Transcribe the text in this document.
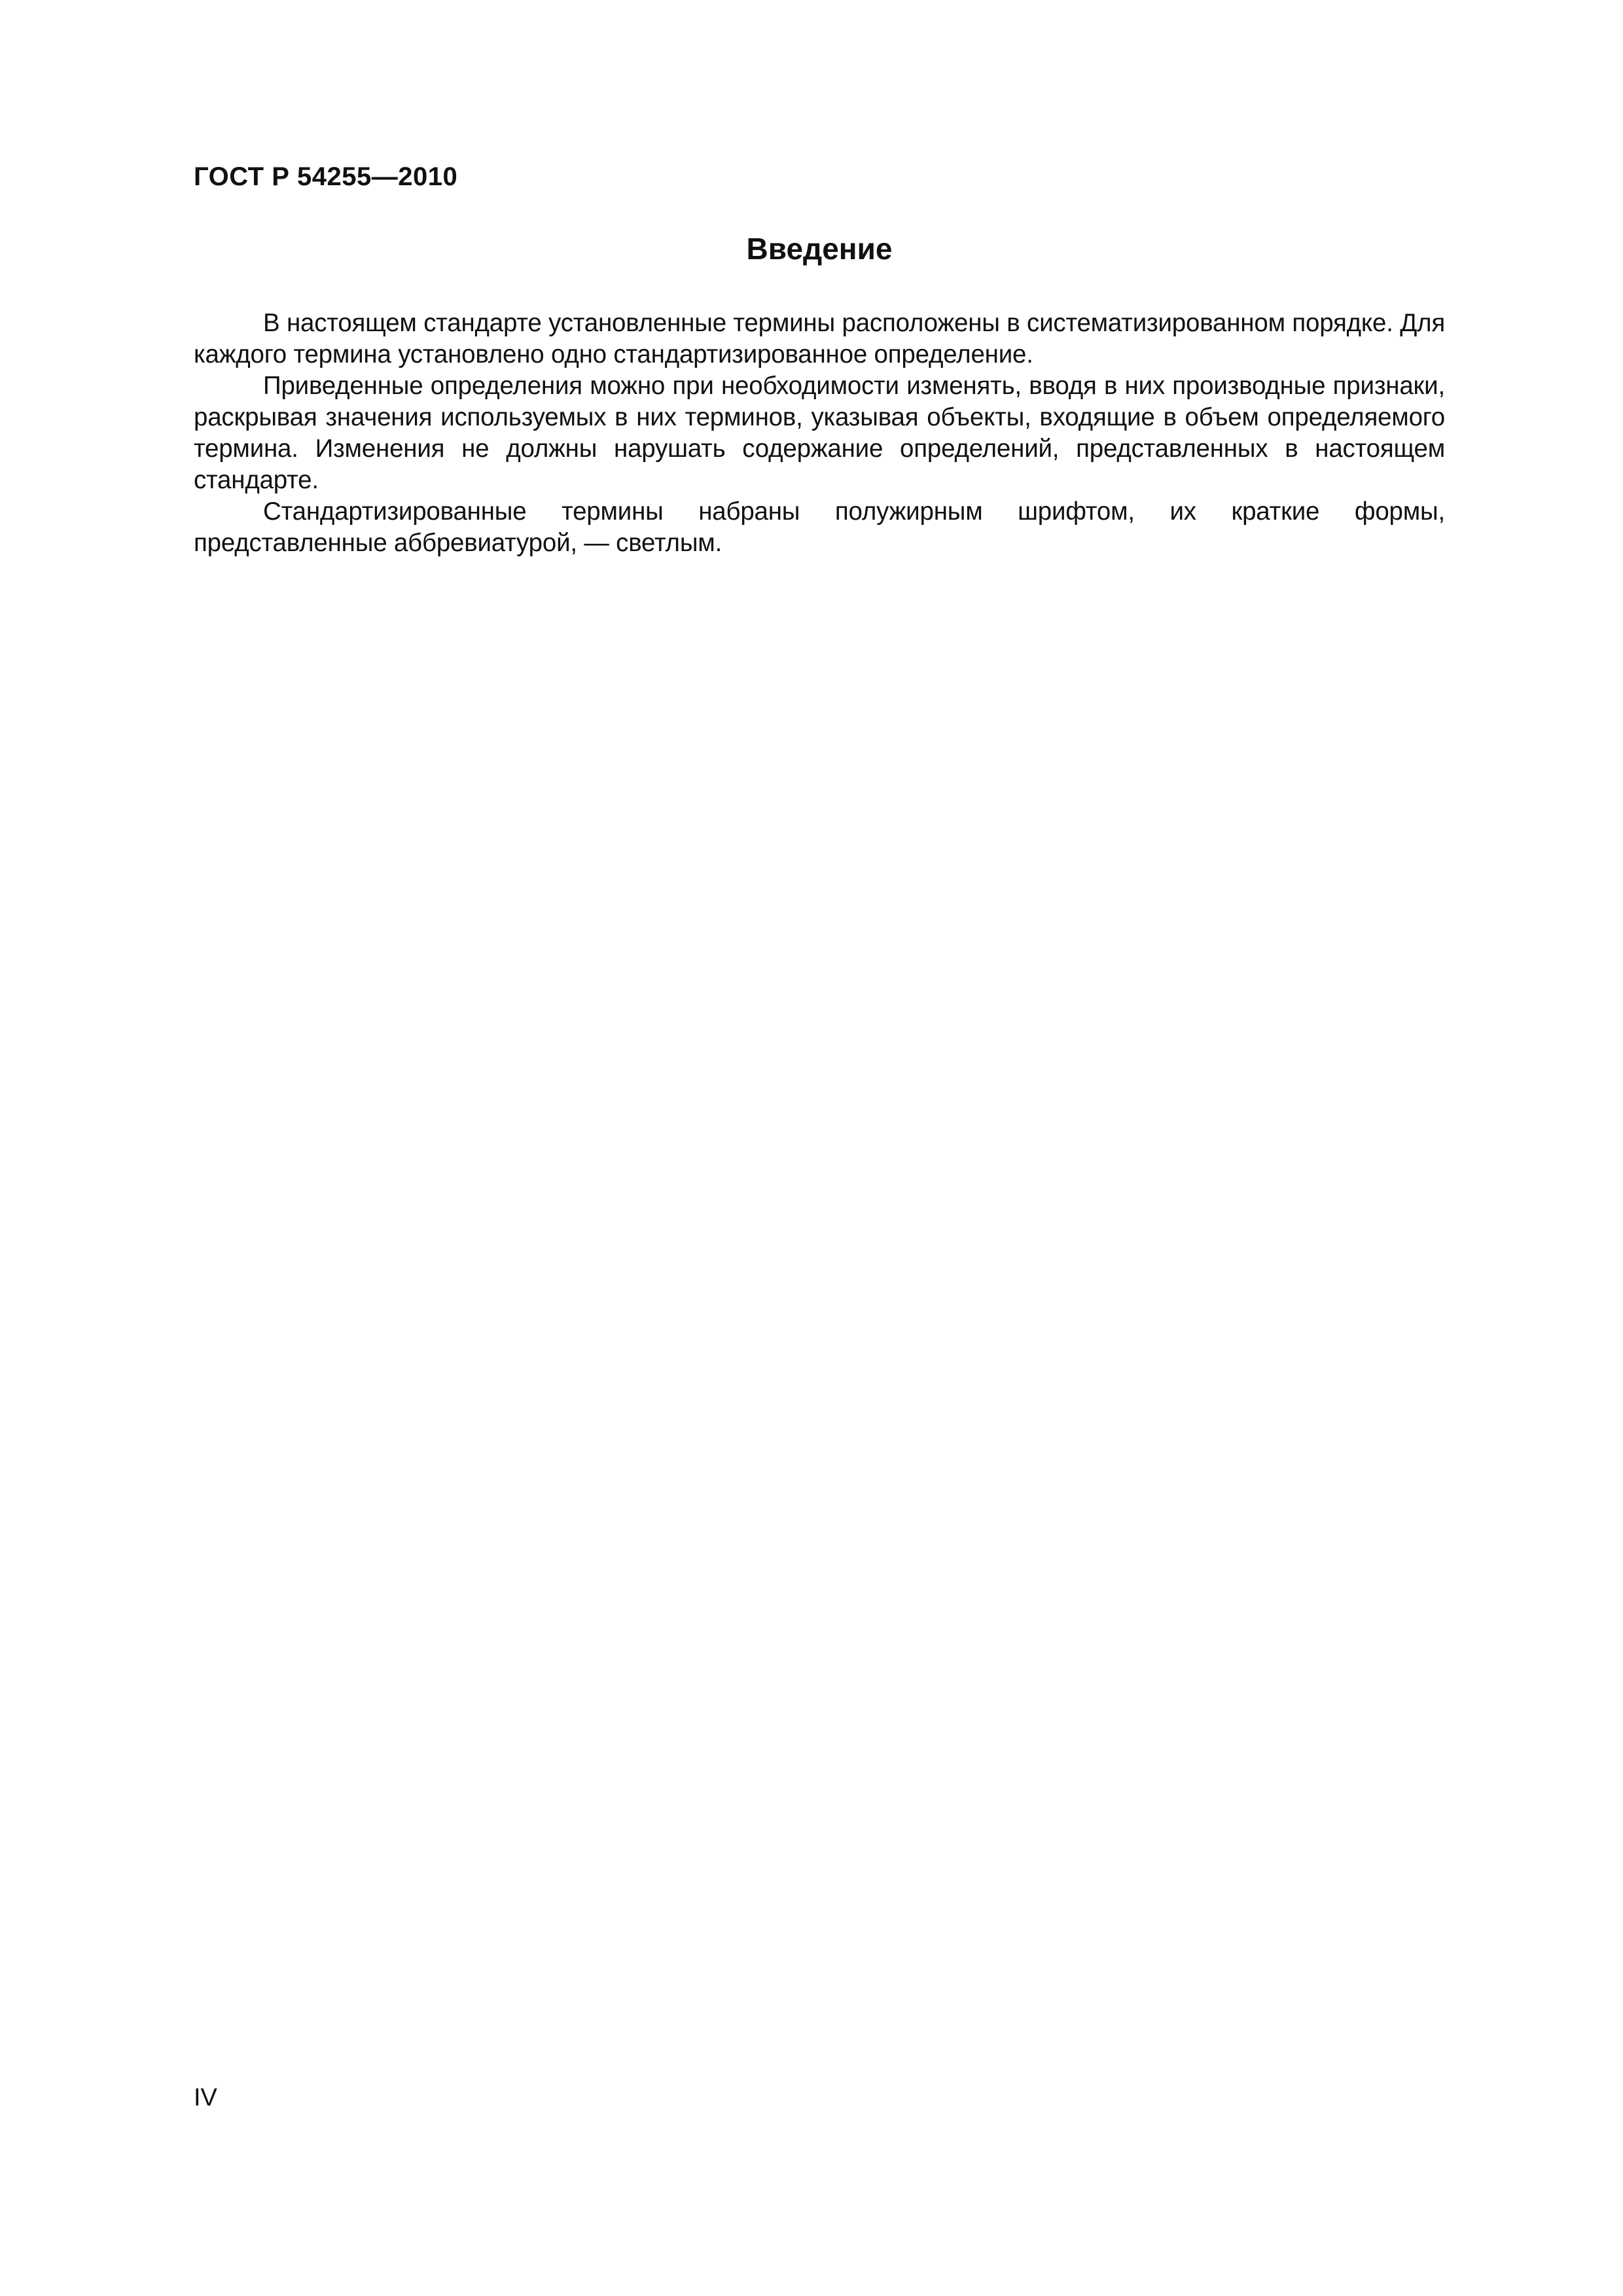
ГОСТ Р 54255—2010
Введение

В настоящем стандарте установленные термины расположены в систематизированном порядке. Для каждого термина установлено одно стандартизированное определение.

Приведенные определения можно при необходимости изменять, вводя в них производные признаки, раскрывая значения используемых в них терминов, указывая объекты, входящие в объем определяемого термина. Изменения не должны нарушать содержание определений, представленных в настоящем стандарте.

Стандартизированные термины набраны полужирным шрифтом, их краткие формы, представленные аббревиатурой, — светлым.

IV
